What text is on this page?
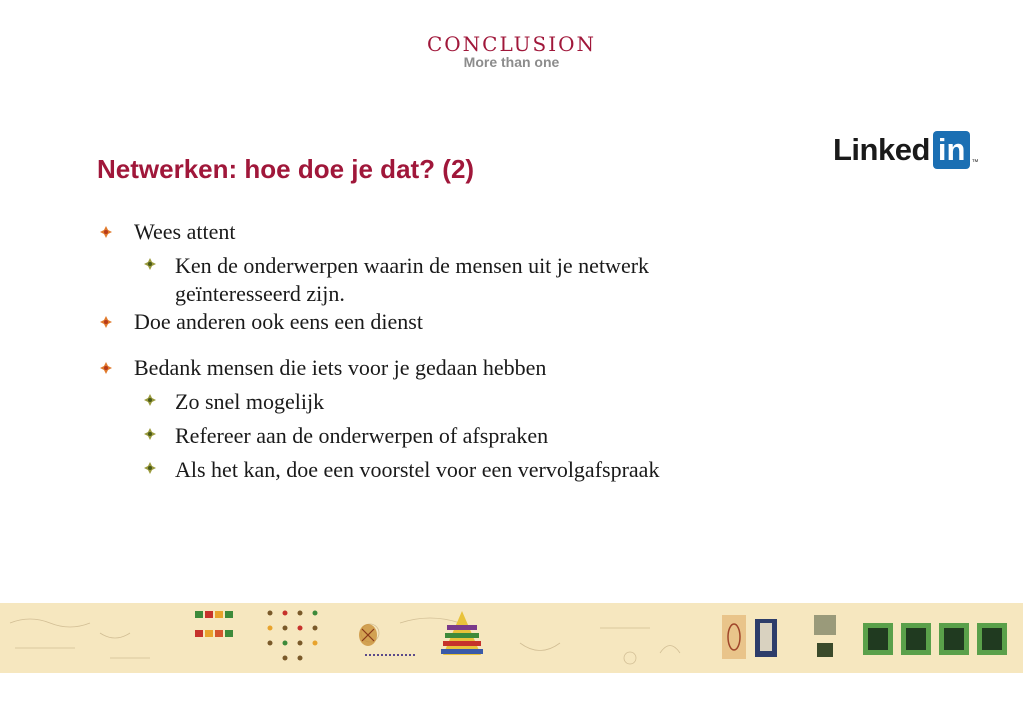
CONCLUSION
More than one
Linked in ™
Netwerken: hoe doe je dat? (2)
Wees attent
Ken de onderwerpen waarin de mensen uit je netwerk geïnteresseerd zijn.
Doe anderen ook eens een dienst
Bedank mensen die iets voor je gedaan hebben
Zo snel mogelijk
Refereer aan de onderwerpen of afspraken
Als het kan, doe een voorstel voor een vervolgafspraak
